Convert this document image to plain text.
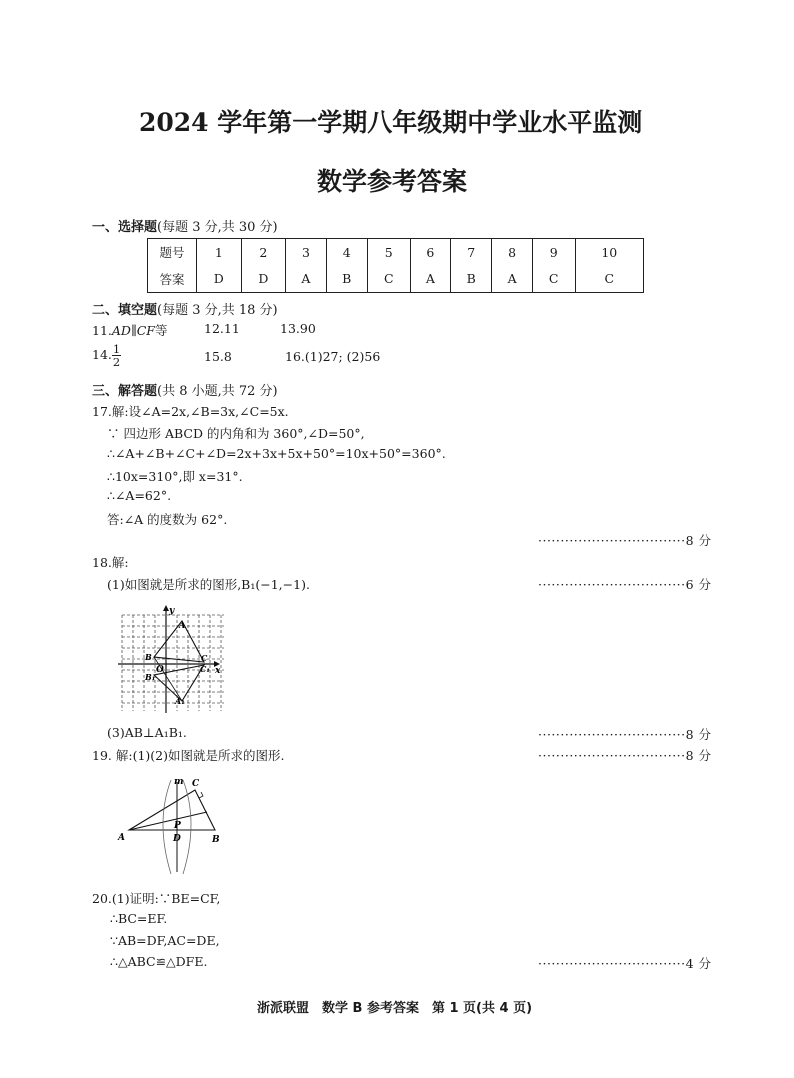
2024 学年第一学期八年级期中学业水平监测
数学参考答案
一、选择题(每题 3 分,共 30 分)
题号	1	2	3	4	5	6	7	8	9	10
答案	D	D	A	B	C	A	B	A	C	C
二、填空题(每题 3 分,共 18 分)
11.AD∥CF等	12.11	13.90
14. $\frac{1}{2}$	15.8	16.(1)27; (2)56
三、解答题(共 8 小题,共 72 分)
17.解:设∠A=2x,∠B=3x,∠C=5x.
∵ 四边形 ABCD 的内角和为 360°,∠D=50°,
∴∠A+∠B+∠C+∠D=2x+3x+5x+50°=10x+50°=360°.
∴10x=310°,即 x=31°.
∴∠A=62°.
答:∠A 的度数为 62°.
·································8 分
18.解:
(1)如图就是所求的图形,B₁(−1,−1).	·································6 分
y
x
O
A
B	C
A₁
B₁
C₁
(3)AB⊥A₁B₁.	·································8 分
19. 解:(1)(2)如图就是所求的图形.	·································8 分
m C
A
P
D	B
20.(1)证明:∵BE=CF,
∴BC=EF.
∵AB=DF,AC=DE,
∴△ABC≌△DFE.	·································4 分
浙派联盟　数学 B 参考答案　第 1 页(共 4 页)
